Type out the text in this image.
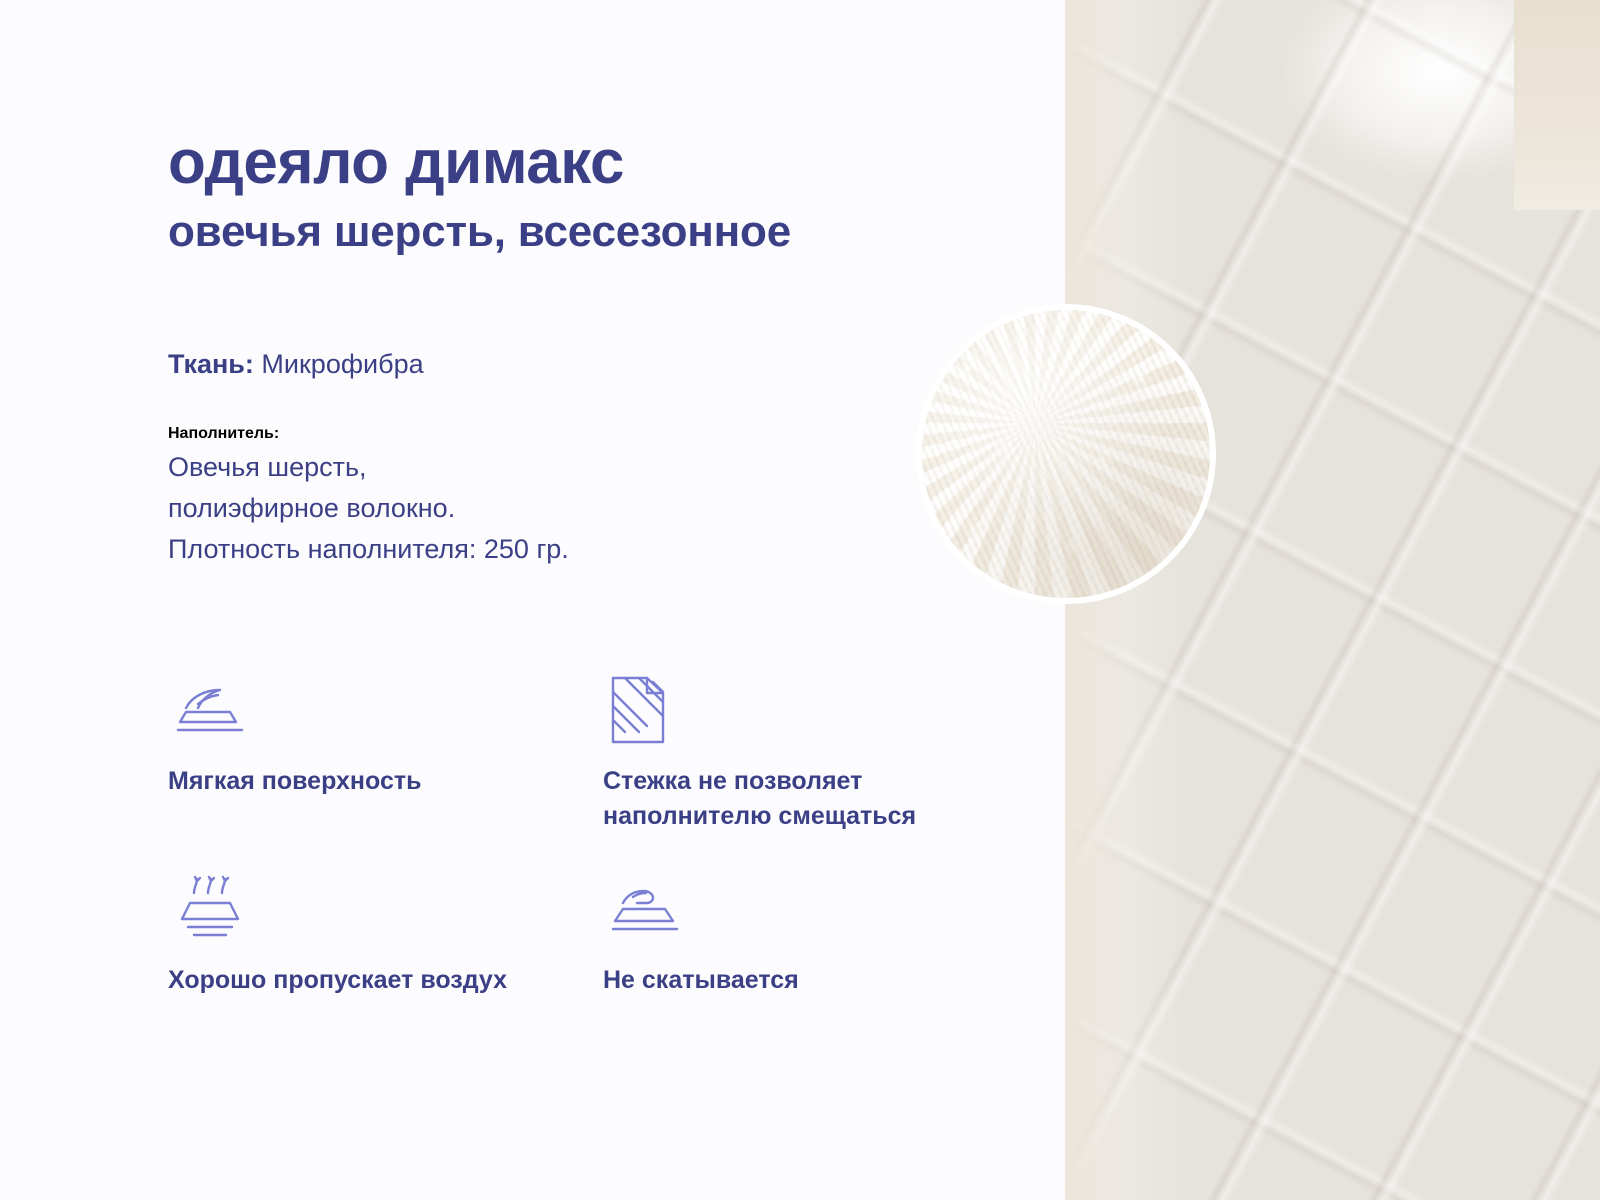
одеяло димакс
овечья шерсть, всесезонное
Ткань: Микрофибра
Наполнитель:
Овечья шерсть,
полиэфирное волокно.
Плотность наполнителя: 250 гр.
Мягкая поверхность	Стежка не позволяет наполнителю смещаться
Хорошо пропускает воздух	Не скатывается
